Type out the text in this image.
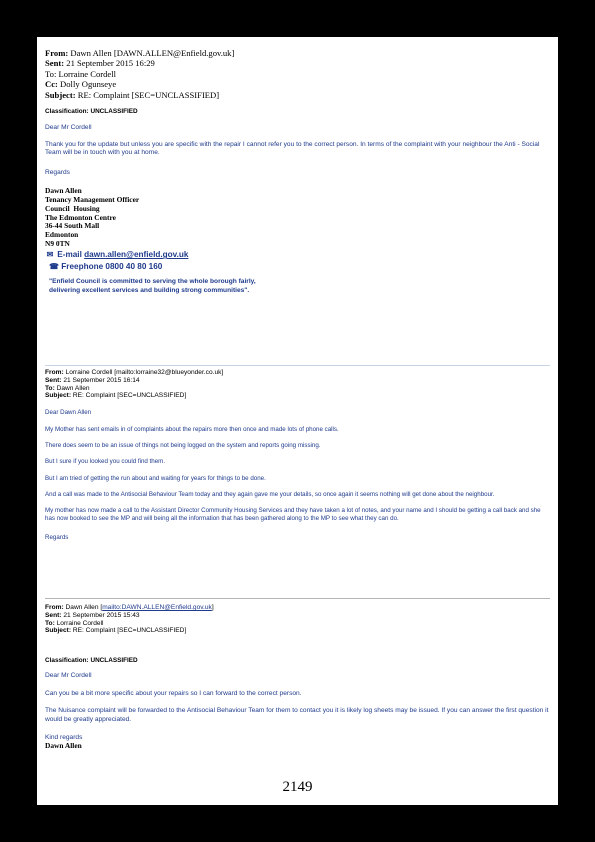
From: Dawn Allen [DAWN.ALLEN@Enfield.gov.uk]
Sent: 21 September 2015 16:29
To: Lorraine Cordell
Cc: Dolly Ogunseye
Subject: RE: Complaint [SEC=UNCLASSIFIED]
Classification: UNCLASSIFIED
Dear Mr Cordell
Thank you for the update but unless you are specific with the repair I cannot refer you to the correct person. In terms of the complaint with your neighbour the Anti - Social Team will be in touch with you at home.
Regards
Dawn Allen
Tenancy Management Officer
Council  Housing
The Edmonton Centre
36-44 South Mall
Edmonton
N9 0TN
✉ E-mail dawn.allen@enfield.gov.uk
☎ Freephone 0800 40 80 160
"Enfield Council is committed to serving the whole borough fairly,
delivering excellent services and building strong communities".
From: Lorraine Cordell [mailto:lorraine32@blueyonder.co.uk]
Sent: 21 September 2015 16:14
To: Dawn Allen
Subject: RE: Complaint [SEC=UNCLASSIFIED]
Dear Dawn Allen
My Mother has sent emails in of complaints about the repairs more then once and made lots of phone calls.
There does seem to be an issue of things not being logged on the system and reports going missing.
But I sure if you looked you could find them.
But I am tried of getting the run about and waiting for years for things to be done.
And a call was made to the Antisocial Behaviour Team today and they again gave me your details, so once again it seems nothing will get done about the neighbour.
My mother has now made a call to the Assistant Director Community Housing Services and they have taken a lot of notes, and your name and I should be getting a call back and she has now booked to see the MP and will being all the information that has been gathered along to the MP to see what they can do.
Regards
From: Dawn Allen [mailto:DAWN.ALLEN@Enfield.gov.uk]
Sent: 21 September 2015 15:43
To: Lorraine Cordell
Subject: RE: Complaint [SEC=UNCLASSIFIED]
Classification: UNCLASSIFIED
Dear Mr Cordell
Can you be a bit more specific about your repairs so I can forward to the correct person.
The Nuisance complaint will be forwarded to the Antisocial Behaviour Team for them to contact you it is likely log sheets may be issued. If you can answer the first question it would be greatly appreciated.
Kind regards
Dawn Allen
2149
